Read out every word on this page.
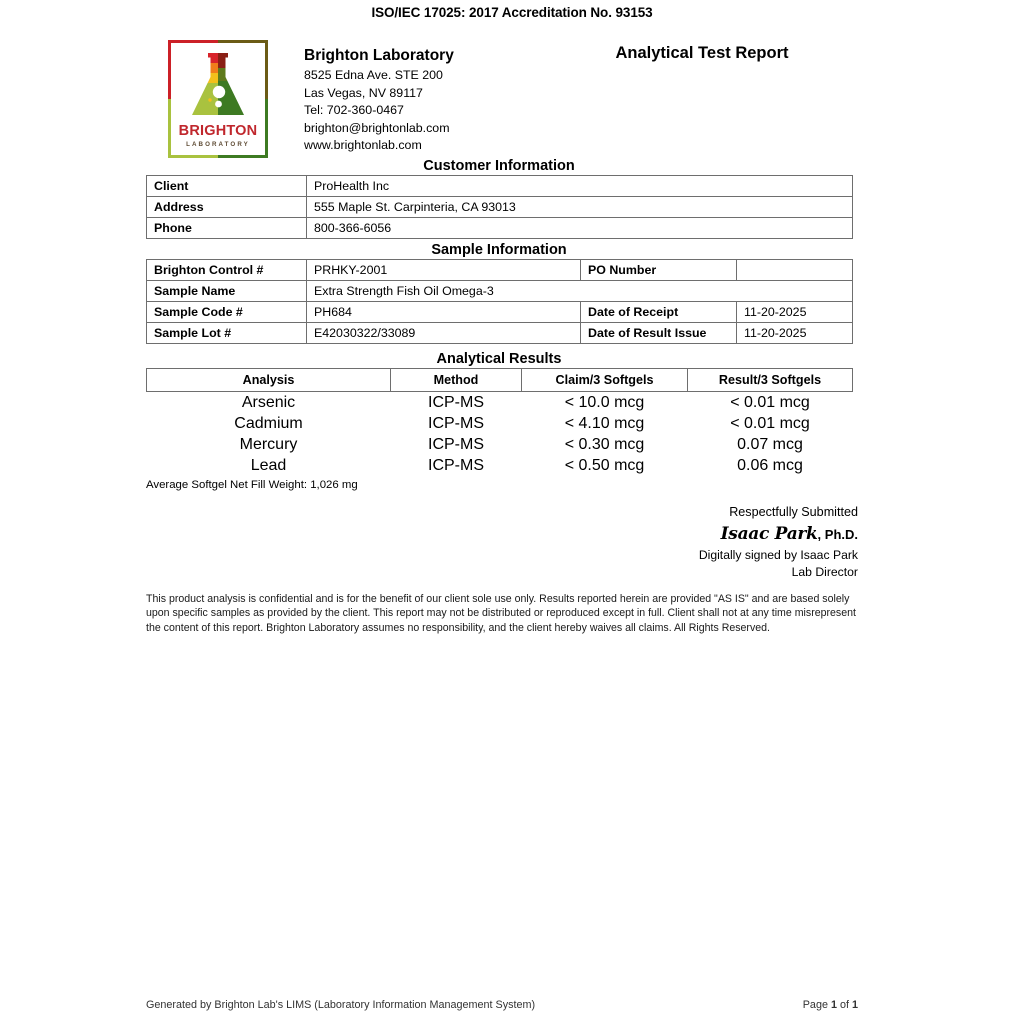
ISO/IEC 17025: 2017 Accreditation No. 93153
BRIGHTON
LABORATORY
Brighton Laboratory
8525 Edna Ave. STE 200
Las Vegas, NV 89117
Tel: 702-360-0467
brighton@brightonlab.com
www.brightonlab.com
Analytical Test Report
Customer Information
Client	ProHealth Inc
Address	555 Maple St. Carpinteria, CA 93013
Phone	800-366-6056
Sample Information
Brighton Control #	PRHKY-2001	PO Number	
Sample Name	Extra Strength Fish Oil Omega-3		
Sample Code #	PH684	Date of Receipt	11-20-2025
Sample Lot #	E42030322/33089	Date of Result Issue	11-20-2025
Analytical Results
Analysis	Method	Claim/3 Softgels	Result/3 Softgels
Arsenic	ICP-MS	< 10.0 mcg	< 0.01 mcg
Cadmium	ICP-MS	< 4.10 mcg	< 0.01 mcg
Mercury	ICP-MS	< 0.30 mcg	0.07 mcg
Lead	ICP-MS	< 0.50 mcg	0.06 mcg
Average Softgel Net Fill Weight: 1,026 mg
Respectfully Submitted
Isaac Park, Ph.D.
Digitally signed by Isaac Park
Lab Director
This product analysis is confidential and is for the benefit of our client sole use only. Results reported herein are provided "AS IS" and are based solely upon specific samples as provided by the client. This report may not be distributed or reproduced except in full. Client shall not at any time misrepresent the content of this report. Brighton Laboratory assumes no responsibility, and the client hereby waives all claims. All Rights Reserved.
Generated by Brighton Lab's LIMS (Laboratory Information Management System)	Page 1 of 1
